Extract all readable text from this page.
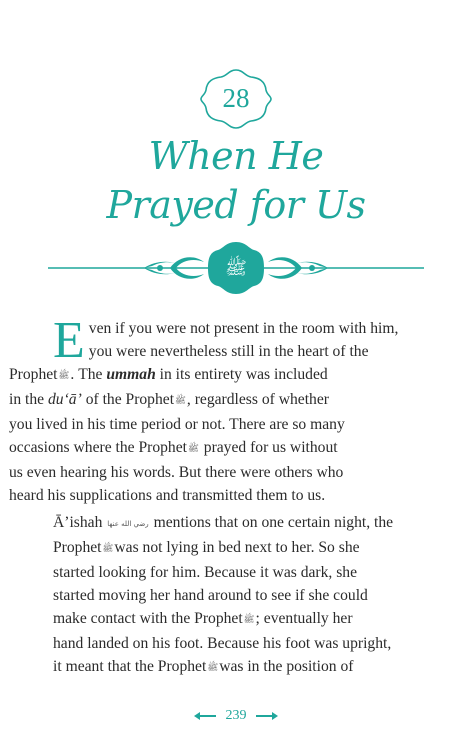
28
When He
Prayed for Us
ﷺ
E ven if you were not present in the room with him,
you were nevertheless still in the heart of the
Prophetﷺ. The ummah in its entirety was included
in the du‘ā’ of the Prophetﷺ, regardless of whether
you lived in his time period or not. There are so many
occasions where the Prophetﷺ prayed for us without
us even hearing his words. But there were others who
heard his supplications and transmitted them to us.
Ā’ishah رضي الله عنها mentions that on one certain night, the
Prophetﷺwas not lying in bed next to her. So she
started looking for him. Because it was dark, she
started moving her hand around to see if she could
make contact with the Prophetﷺ; eventually her
hand landed on his foot. Because his foot was upright,
it meant that the Prophetﷺwas in the position of
239
